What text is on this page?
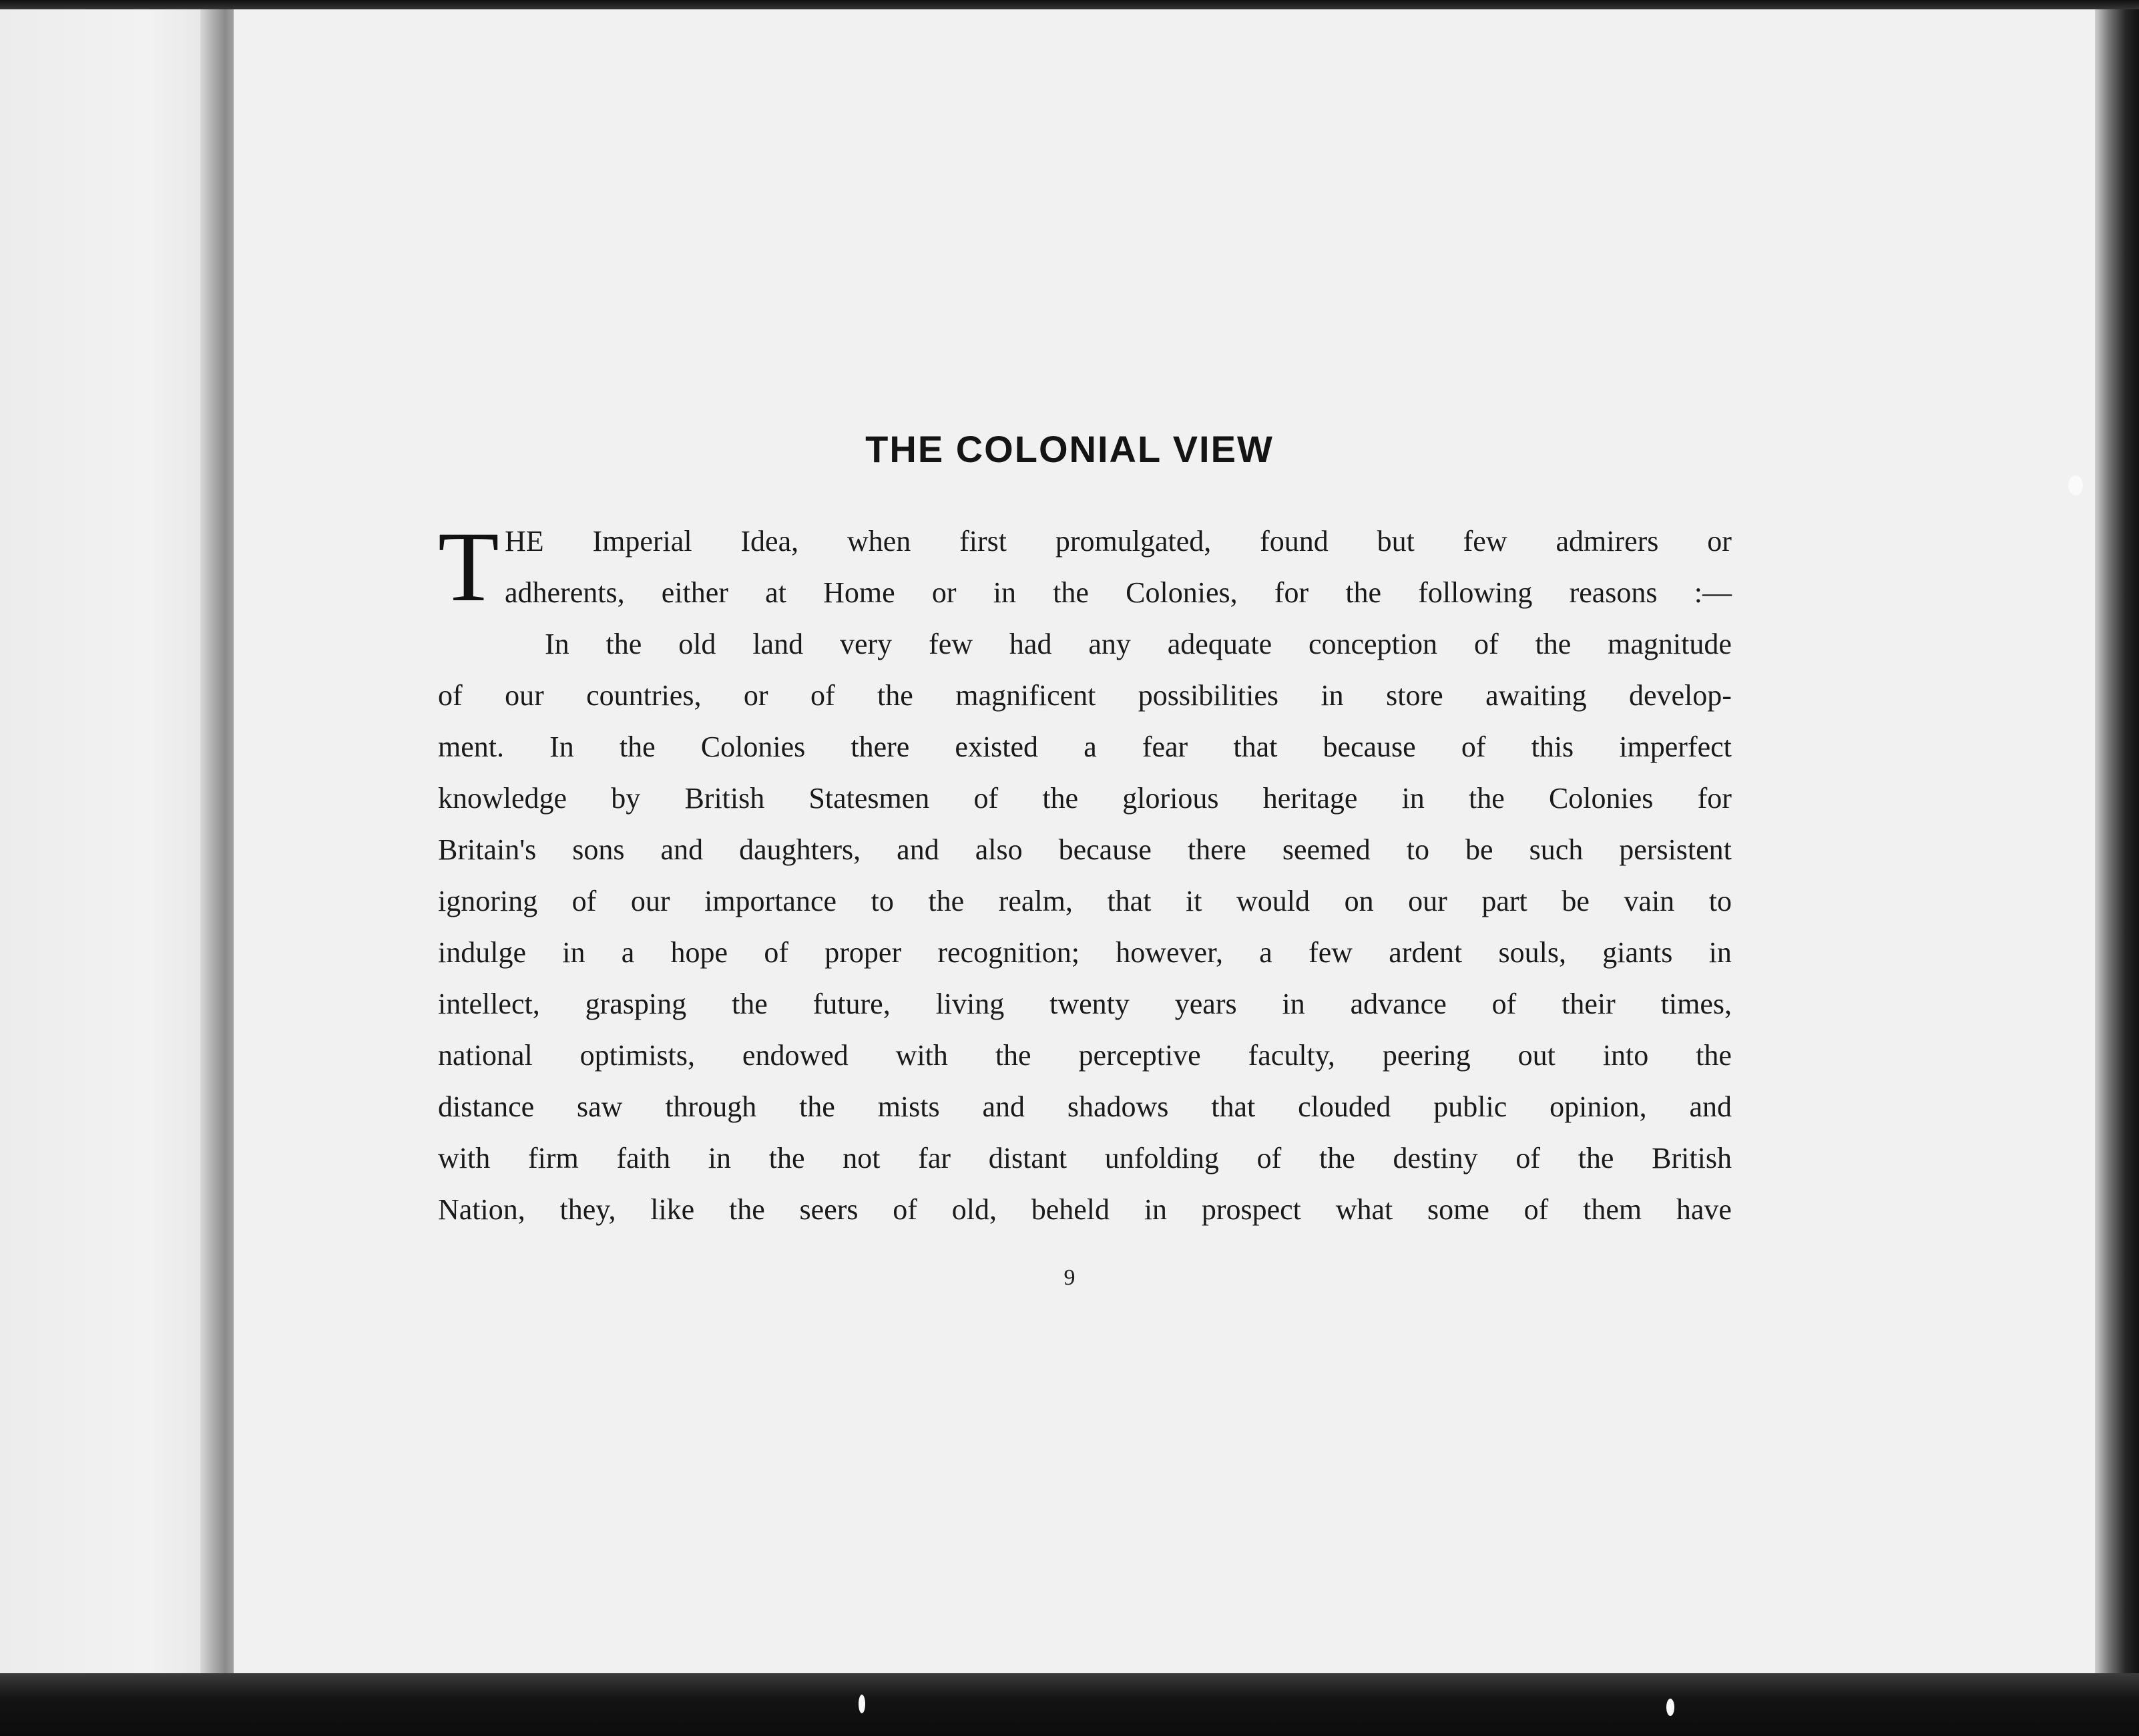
THE COLONIAL VIEW
T HE Imperial Idea, when first promulgated, found but few admirers or
adherents, either at Home or in the Colonies, for the following reasons :—
In the old land very few had any adequate conception of the magnitude
of our countries, or of the magnificent possibilities in store awaiting develop-
ment. In the Colonies there existed a fear that because of this imperfect
knowledge by British Statesmen of the glorious heritage in the Colonies for
Britain's sons and daughters, and also because there seemed to be such persistent
ignoring of our importance to the realm, that it would on our part be vain to
indulge in a hope of proper recognition; however, a few ardent souls, giants in
intellect, grasping the future, living twenty years in advance of their times,
national optimists, endowed with the perceptive faculty, peering out into the
distance saw through the mists and shadows that clouded public opinion, and
with firm faith in the not far distant unfolding of the destiny of the British
Nation, they, like the seers of old, beheld in prospect what some of them have
9
